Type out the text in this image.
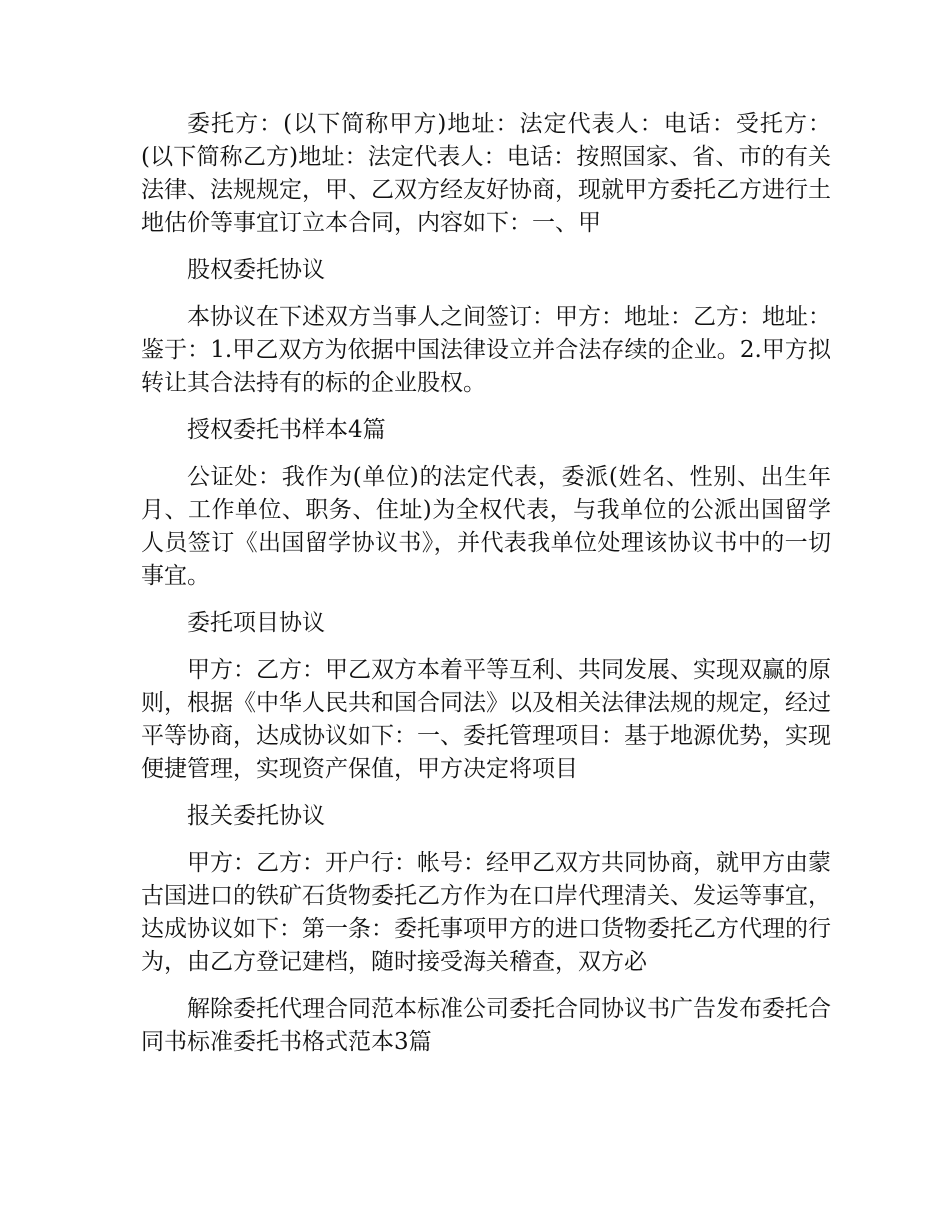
委托方：(以下简称甲方)地址：法定代表人：电话：受托方：(以下简称乙方)地址：法定代表人：电话：按照国家、省、市的有关法律、法规规定，甲、乙双方经友好协商，现就甲方委托乙方进行土地估价等事宜订立本合同，内容如下：一、甲

股权委托协议

本协议在下述双方当事人之间签订：甲方：地址：乙方：地址：鉴于：1.甲乙双方为依据中国法律设立并合法存续的企业。2.甲方拟转让其合法持有的标的企业股权。

授权委托书样本4篇

公证处：我作为(单位)的法定代表，委派(姓名、性别、出生年月、工作单位、职务、住址)为全权代表，与我单位的公派出国留学人员签订《出国留学协议书》，并代表我单位处理该协议书中的一切事宜。

委托项目协议

甲方：乙方：甲乙双方本着平等互利、共同发展、实现双赢的原则，根据《中华人民共和国合同法》以及相关法律法规的规定，经过平等协商，达成协议如下：一、委托管理项目：基于地源优势，实现便捷管理，实现资产保值，甲方决定将项目

报关委托协议

甲方：乙方：开户行：帐号：经甲乙双方共同协商，就甲方由蒙古国进口的铁矿石货物委托乙方作为在口岸代理清关、发运等事宜，达成协议如下：第一条：委托事项甲方的进口货物委托乙方代理的行为，由乙方登记建档，随时接受海关稽查，双方必

解除委托代理合同范本标准公司委托合同协议书广告发布委托合同书标准委托书格式范本3篇
